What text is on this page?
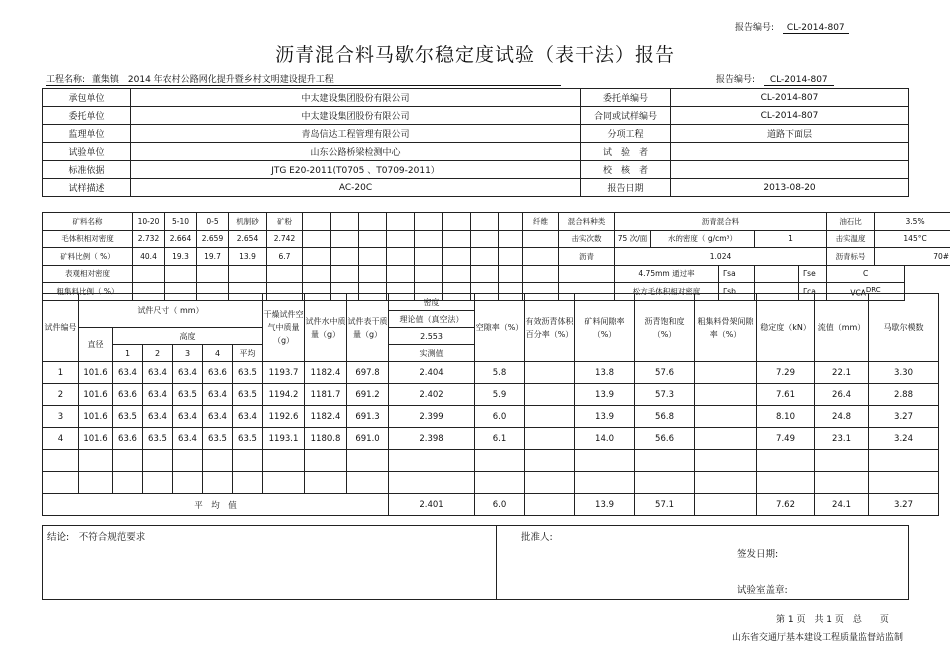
报告编号: CL-2014-807
沥青混合料马歇尔稳定度试验（表干法）报告
工程名称: 董集镇　2014 年农村公路网化提升暨乡村文明建设提升工程	报告编号: CL-2014-807
承包单位	中太建设集团股份有限公司	委托单编号	CL-2014-807
委托单位	中太建设集团股份有限公司	合同或试样编号	CL-2014-807
监理单位	青岛信达工程管理有限公司	分项工程	道路下面层
试验单位	山东公路桥梁检测中心	试　验　者	
标准依据	JTG E20-2011(T0705 、T0709-2011）	校　核　者	
试样描述	AC-20C	报告日期	2013-08-20
矿料名称	10-20	5-10	0-5	机制砂	矿粉									纤维	混合料种类	沥青混合料					油石比	3.5%
毛体积相对密度	2.732	2.664	2.659	2.654	2.742										击实次数	75 次/面	水的密度（ g/cm³）		1		击实温度	145°C
矿料比例（ %）	40.4	19.3	19.7	13.9	6.7										沥青	1.024					沥青标号	70#
表观相对密度																4.75mm 通过率		Γsa		Γse	C	
粗集料比例（ %）																松方毛体积相对密度		Γsb		Γca	$VCA^{DRC}$
试件编号	试件尺寸（ mm）						干燥试件空气中质量（g）	试件水中质量（g）	试件表干质量（g）	密度	空隙率（%）	有效沥青体积百分率（%）	矿料间隙率（%）	沥青饱和度（%）	粗集料骨架间隙率（%）	稳定度（kN）	流值（mm）	马歇尔模数
										理论值（真空法）								
	直径	高度								2.553								
		1	2	3	4	平均				实测值								
1	101.6	63.4	63.4	63.4	63.6	63.5	1193.7	1182.4	697.8	2.404	5.8		13.8	57.6		7.29	22.1	3.30
2	101.6	63.6	63.4	63.5	63.4	63.5	1194.2	1181.7	691.2	2.402	5.9		13.9	57.3		7.61	26.4	2.88
3	101.6	63.5	63.4	63.4	63.4	63.4	1192.6	1182.4	691.3	2.399	6.0		13.9	56.8		8.10	24.8	3.27
4	101.6	63.6	63.5	63.4	63.5	63.5	1193.1	1180.8	691.0	2.398	6.1		14.0	56.6		7.49	23.1	3.24

平　均　值										2.401	6.0		13.9	57.1		7.62	24.1	3.27
结论:　不符合规范要求	批准人:
签发日期:
试验室盖章:
第 1 页　共 1 页　总　　页
山东省交通厅基本建设工程质量监督站监制
